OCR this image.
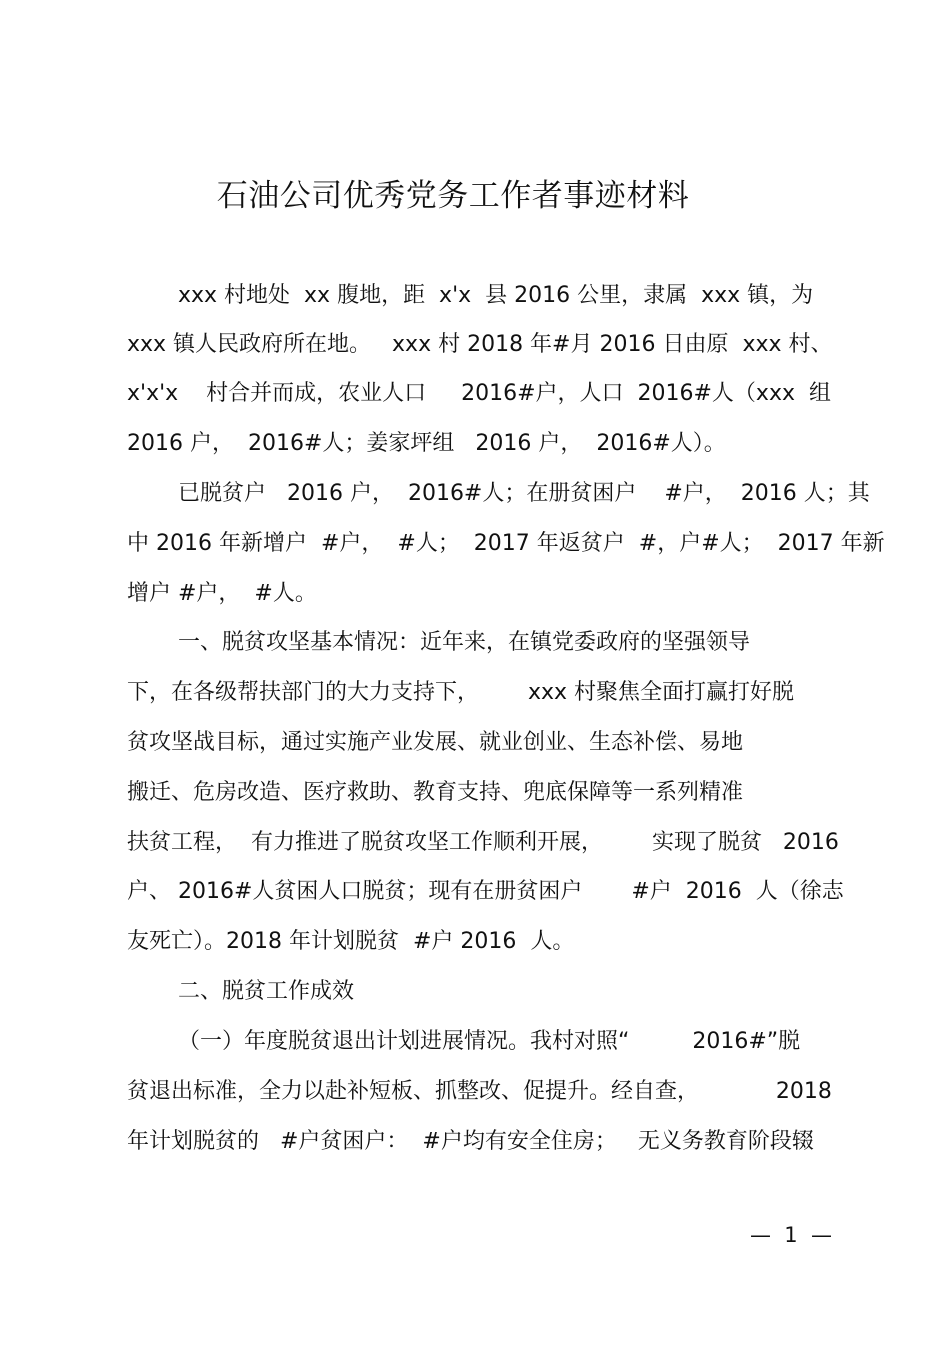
石油公司优秀党务工作者事迹材料
xxx 村地处  xx 腹地，距  x'x  县 2016 公里，隶属  xxx 镇，为
xxx 镇人民政府所在地。   xxx 村 2018 年#月 2016 日由原  xxx 村、
x'x'x    村合并而成，农业人口     2016#户，人口  2016#人（xxx  组
2016 户，  2016#人；姜家坪组   2016 户，  2016#人）。
已脱贫户   2016 户，  2016#人；在册贫困户    #户，  2016 人；其
中 2016 年新增户  #户，  #人；  2017 年返贫户  #，户#人；  2017 年新
增户 #户，  #人。
一、脱贫攻坚基本情况：近年来，在镇党委政府的坚强领导
下，在各级帮扶部门的大力支持下，       xxx 村聚焦全面打赢打好脱
贫攻坚战目标，通过实施产业发展、就业创业、生态补偿、易地
搬迁、危房改造、医疗救助、教育支持、兜底保障等一系列精准
扶贫工程，  有力推进了脱贫攻坚工作顺利开展，       实现了脱贫   2016
户、 2016#人贫困人口脱贫；现有在册贫困户       #户  2016  人（徐志
友死亡）。2018 年计划脱贫  #户 2016  人。
二、脱贫工作成效
（一）年度脱贫退出计划进展情况。我村对照“         2016#”脱
贫退出标准，全力以赴补短板、抓整改、促提升。经自查，           2018
年计划脱贫的   #户贫困户：  #户均有安全住房；   无义务教育阶段辍
—  1  —
